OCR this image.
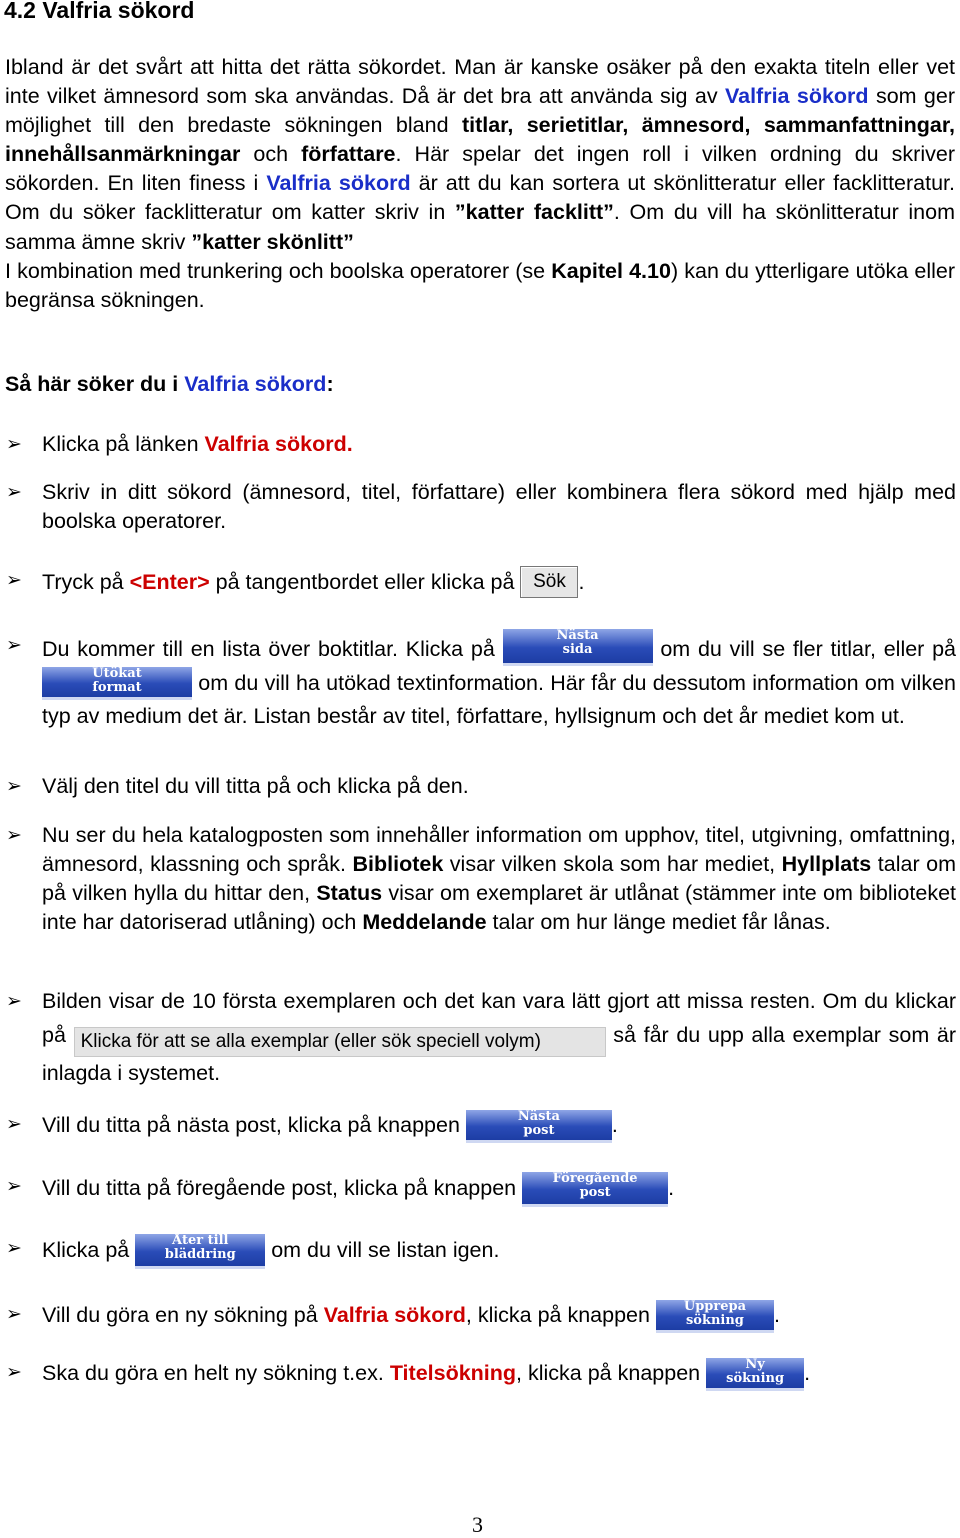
4.2 Valfria sökord

Ibland är det svårt att hitta det rätta sökordet. Man är kanske osäker på den exakta titeln eller vet inte vilket ämnesord som ska användas. Då är det bra att använda sig av Valfria sökord som ger möjlighet till den bredaste sökningen bland titlar, serietitlar, ämnesord, sammanfattningar, innehållsanmärkningar och författare. Här spelar det ingen roll i vilken ordning du skriver sökorden. En liten finess i Valfria sökord är att du kan sortera ut skönlitteratur eller facklitteratur. Om du söker facklitteratur om katter skriv in ”katter facklitt”. Om du vill ha skönlitteratur inom samma ämne skriv ”katter skönlitt”
I kombination med trunkering och boolska operatorer (se Kapitel 4.10) kan du ytterligare utöka eller begränsa sökningen.

Så här söker du i Valfria sökord:

➢ Klicka på länken Valfria sökord.
➢ Skriv in ditt sökord (ämnesord, titel, författare) eller kombinera flera sökord med hjälp med boolska operatorer.
➢ Tryck på <Enter> på tangentbordet eller klicka på Sök .
➢ Du kommer till en lista över boktitlar. Klicka på
Nästa
sida	om du vill se fler titlar, eller på
Utökat
format	om du vill ha utökad textinformation. Här får du dessutom information om vilken typ av medium det är. Listan består av titel, författare, hyllsignum och det år mediet kom ut.
➢ Välj den titel du vill titta på och klicka på den.
➢ Nu ser du hela katalogposten som innehåller information om upphov, titel, utgivning, omfattning, ämnesord, klassning och språk. Bibliotek visar vilken skola som har mediet, Hyllplats talar om på vilken hylla du hittar den, Status visar om exemplaret är utlånat (stämmer inte om biblioteket inte har datoriserad utlåning) och Meddelande talar om hur länge mediet får lånas.
➢ Bilden visar de 10 första exemplaren och det kan vara lätt gjort att missa resten. Om du klickar på Klicka för att se alla exemplar (eller sök speciell volym)	så får du upp alla exemplar som är inlagda i systemet.
➢ Vill du titta på nästa post, klicka på knappen	Nästa
post	.
➢ Vill du titta på föregående post, klicka på knappen	Föregående
post	.
➢ Klicka på	Åter till
bläddring	om du vill se listan igen.
➢ Vill du göra en ny sökning på Valfria sökord, klicka på knappen	Upprepa
sökning	.
➢ Ska du göra en helt ny sökning t.ex. Titelsökning, klicka på knappen	Ny
sökning .
3
